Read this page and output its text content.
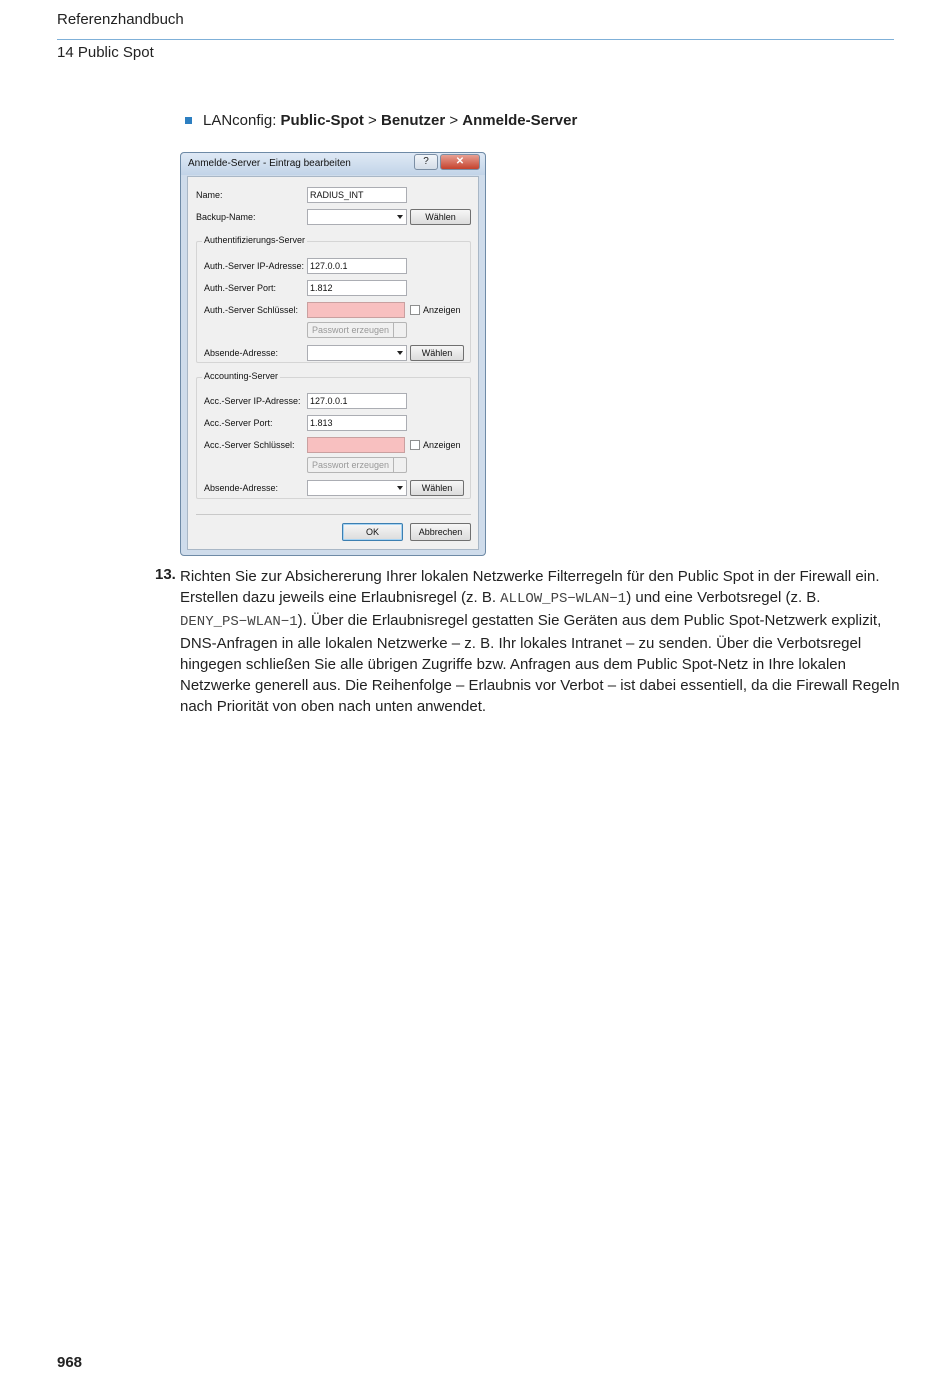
Referenzhandbuch
14 Public Spot
LANconfig:
Public-Spot > Benutzer > Anmelde-Server
Anmelde-Server - Eintrag bearbeiten	?	✕
Name:	RADIUS_INT
Backup-Name:	Wählen
Authentifizierungs-Server
Auth.-Server IP-Adresse: 127.0.0.1
Auth.-Server Port:	1.812
Auth.-Server Schlüssel:	Anzeigen
Passwort erzeugen
Absende-Adresse:	Wählen
Accounting-Server
Acc.-Server IP-Adresse:	127.0.0.1
Acc.-Server Port:	1.813
Acc.-Server Schlüssel:	Anzeigen
Passwort erzeugen
Absende-Adresse:	Wählen
OK	Abbrechen
13. Richten Sie zur Absichererung Ihrer lokalen Netzwerke Filterregeln für den Public Spot in der Firewall ein. Erstellen dazu jeweils eine Erlaubnisregel (z. B. ALLOW_PS−WLAN−1) und eine Verbotsregel (z. B. DENY_PS−WLAN−1). Über die Erlaubnisregel gestatten Sie Geräten aus dem Public Spot-Netzwerk explizit, DNS-Anfragen in alle lokalen Netzwerke – z. B. Ihr lokales Intranet – zu senden. Über die Verbotsregel hingegen schließen Sie alle übrigen Zugriffe bzw. Anfragen aus dem Public Spot-Netz in Ihre lokalen Netzwerke generell aus. Die Reihenfolge – Erlaubnis vor Verbot – ist dabei essentiell, da die Firewall Regeln nach Priorität von oben nach unten anwendet.
968
